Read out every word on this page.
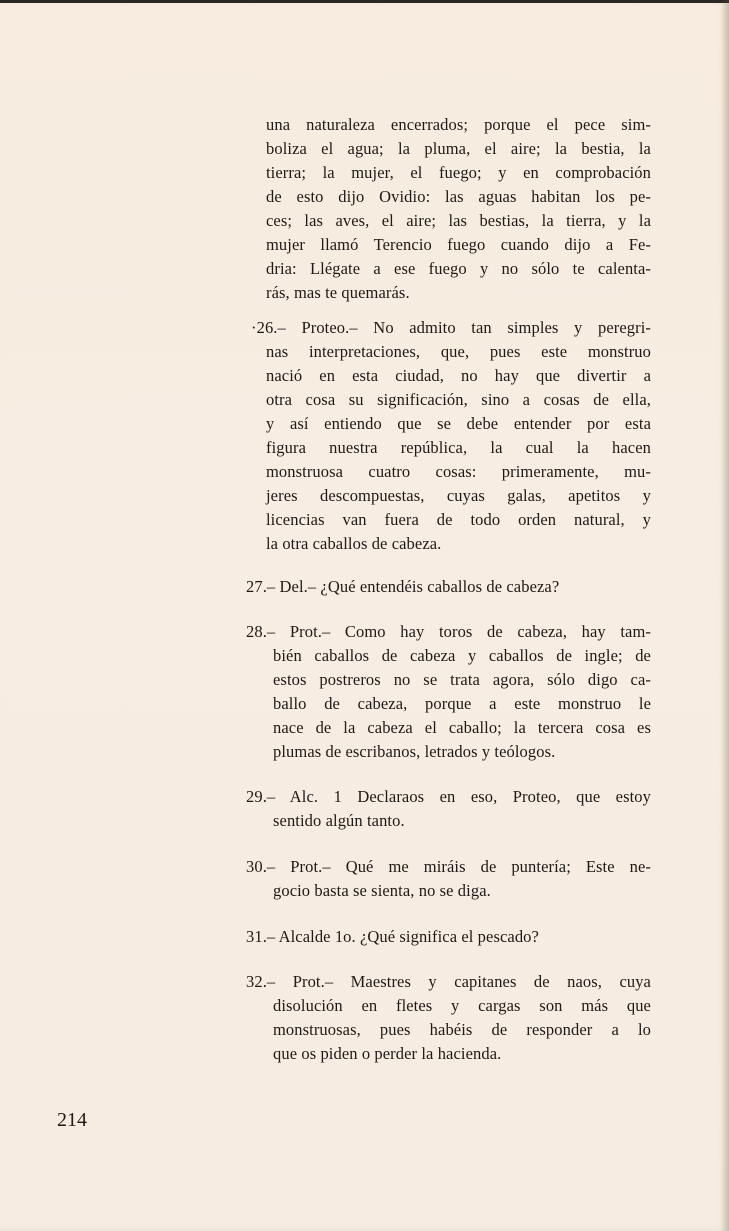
una naturaleza encerrados; porque el pece sim-
boliza el agua; la pluma, el aire; la bestia, la
tierra; la mujer, el fuego; y en comprobación
de esto dijo Ovidio: las aguas habitan los pe-
ces; las aves, el aire; las bestias, la tierra, y la
mujer llamó Terencio fuego cuando dijo a Fe-
dria: Llégate a ese fuego y no sólo te calenta-
rás, mas te quemarás.
·26.– Proteo.– No admito tan simples y peregri-
nas interpretaciones, que, pues este monstruo
nació en esta ciudad, no hay que divertir a
otra cosa su significación, sino a cosas de ella,
y así entiendo que se debe entender por esta
figura nuestra república, la cual la hacen
monstruosa cuatro cosas: primeramente, mu-
jeres descompuestas, cuyas galas, apetitos y
licencias van fuera de todo orden natural, y
la otra caballos de cabeza.
27.– Del.– ¿Qué entendéis caballos de cabeza?
28.– Prot.– Como hay toros de cabeza, hay tam-
bién caballos de cabeza y caballos de ingle; de
estos postreros no se trata agora, sólo digo ca-
ballo de cabeza, porque a este monstruo le
nace de la cabeza el caballo; la tercera cosa es
plumas de escribanos, letrados y teólogos.
29.– Alc. 1 Declaraos en eso, Proteo, que estoy
sentido algún tanto.
30.– Prot.– Qué me miráis de puntería; Este ne-
gocio basta se sienta, no se diga.
31.– Alcalde 1o. ¿Qué significa el pescado?
32.– Prot.– Maestres y capitanes de naos, cuya
disolución en fletes y cargas son más que
monstruosas, pues habéis de responder a lo
que os piden o perder la hacienda.
214
